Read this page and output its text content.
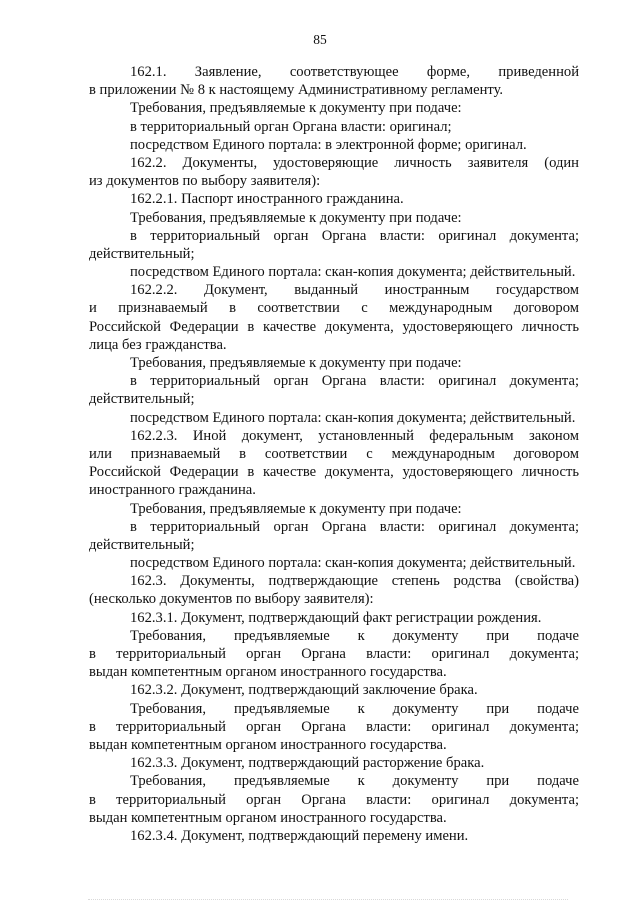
85
162.1. Заявление, соответствующее форме, приведенной
в приложении № 8 к настоящему Административному регламенту.
Требования, предъявляемые к документу при подаче:
в территориальный орган Органа власти: оригинал;
посредством Единого портала: в электронной форме; оригинал.
162.2. Документы, удостоверяющие личность заявителя (один
из документов по выбору заявителя):
162.2.1. Паспорт иностранного гражданина.
Требования, предъявляемые к документу при подаче:
в территориальный орган Органа власти: оригинал документа;
действительный;
посредством Единого портала: скан-копия документа; действительный.
162.2.2. Документ, выданный иностранным государством
и признаваемый в соответствии с международным договором
Российской Федерации в качестве документа, удостоверяющего личность
лица без гражданства.
Требования, предъявляемые к документу при подаче:
в территориальный орган Органа власти: оригинал документа;
действительный;
посредством Единого портала: скан-копия документа; действительный.
162.2.3. Иной документ, установленный федеральным законом
или признаваемый в соответствии с международным договором
Российской Федерации в качестве документа, удостоверяющего личность
иностранного гражданина.
Требования, предъявляемые к документу при подаче:
в территориальный орган Органа власти: оригинал документа;
действительный;
посредством Единого портала: скан-копия документа; действительный.
162.3. Документы, подтверждающие степень родства (свойства)
(несколько документов по выбору заявителя):
162.3.1. Документ, подтверждающий факт регистрации рождения.
Требования, предъявляемые к документу при подаче
в территориальный орган Органа власти: оригинал документа;
выдан компетентным органом иностранного государства.
162.3.2. Документ, подтверждающий заключение брака.
Требования, предъявляемые к документу при подаче
в территориальный орган Органа власти: оригинал документа;
выдан компетентным органом иностранного государства.
162.3.3. Документ, подтверждающий расторжение брака.
Требования, предъявляемые к документу при подаче
в территориальный орган Органа власти: оригинал документа;
выдан компетентным органом иностранного государства.
162.3.4. Документ, подтверждающий перемену имени.
